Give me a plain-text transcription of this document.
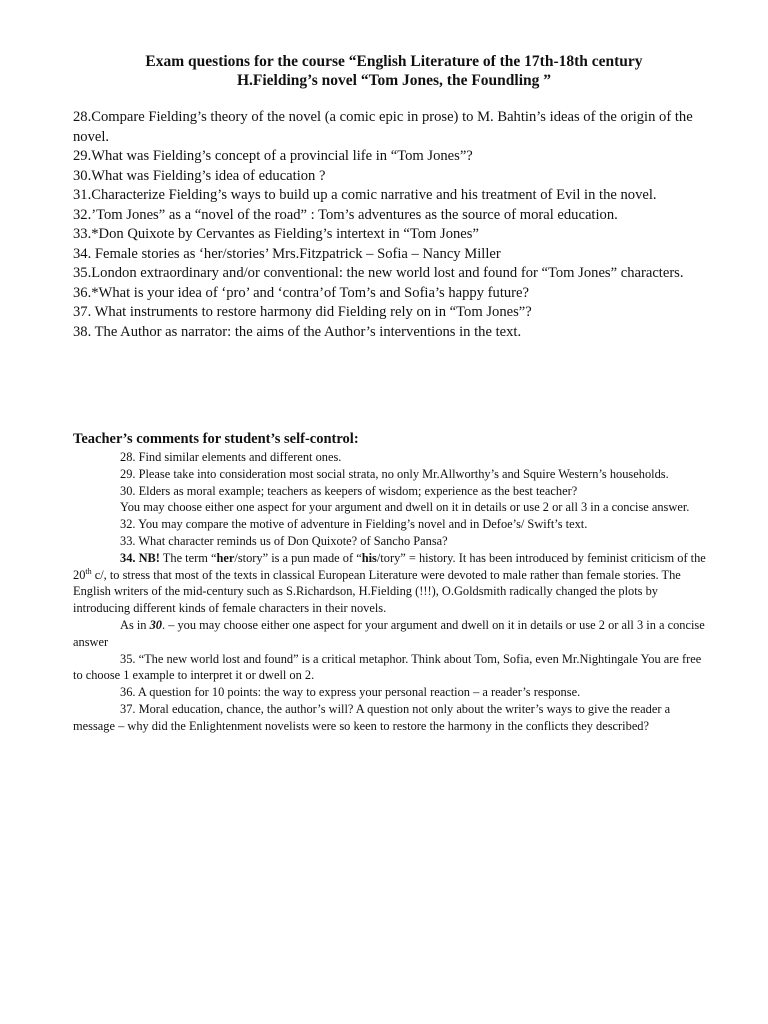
Exam questions for the course “English Literature of the 17th-18th century
H.Fielding’s novel “Tom Jones, the Foundling ”

28.Compare Fielding’s theory of the novel (a comic epic in prose) to M. Bahtin’s ideas of the origin of the novel.

29.What was Fielding’s concept of a provincial life in “Tom Jones”?

30.What was Fielding’s idea of education ?

31.Characterize Fielding’s ways to build up a comic narrative and his treatment of Evil in the novel.

32.’Tom Jones” as a “novel of the road” : Tom’s adventures as the source of moral education.

33.*Don Quixote by Cervantes as Fielding’s intertext in “Tom Jones”

34. Female stories as ‘her/stories’ Mrs.Fitzpatrick – Sofia – Nancy Miller

35.London extraordinary and/or conventional: the new world lost and found for “Tom Jones” characters.

36.*What is your idea of ‘pro’ and ‘contra’of Tom’s and Sofia’s happy future?

37. What instruments to restore harmony did Fielding rely on in “Tom Jones”?

38. The Author as narrator: the aims of the Author’s interventions in the text.

Teacher’s comments for student’s self-control:

28. Find similar elements and different ones.

29. Please take into consideration most social strata, no only Mr.Allworthy’s and Squire Western’s households.

30. Elders as moral example; teachers as keepers of wisdom; experience as the best teacher?

You may choose either one aspect for your argument and dwell on it in details or use 2 or all 3 in a concise answer.

32. You may compare the motive of adventure in Fielding’s novel and in Defoe’s/ Swift’s text.

33. What character reminds us of Don Quixote? of Sancho Pansa?

34. NB! The term “her/story” is a pun made of “his/tory” = history. It has been introduced by feminist criticism of the 20th c/, to stress that most of the texts in classical European Literature were devoted to male rather than female stories. The English writers of the mid-century such as S.Richardson, H.Fielding (!!!), O.Goldsmith radically changed the plots by introducing different kinds of female characters in their novels.

As in 30. – you may choose either one aspect for your argument and dwell on it in details or use 2 or all 3 in a concise answer

35. “The new world lost and found” is a critical metaphor. Think about Tom, Sofia, even Mr.Nightingale You are free to choose 1 example to interpret it or dwell on 2.

36. A question for 10 points: the way to express your personal reaction – a reader’s response.

37. Moral education, chance, the author’s will? A question not only about the writer’s ways to give the reader a message – why did the Enlightenment novelists were so keen to restore the harmony in the conflicts they described?
